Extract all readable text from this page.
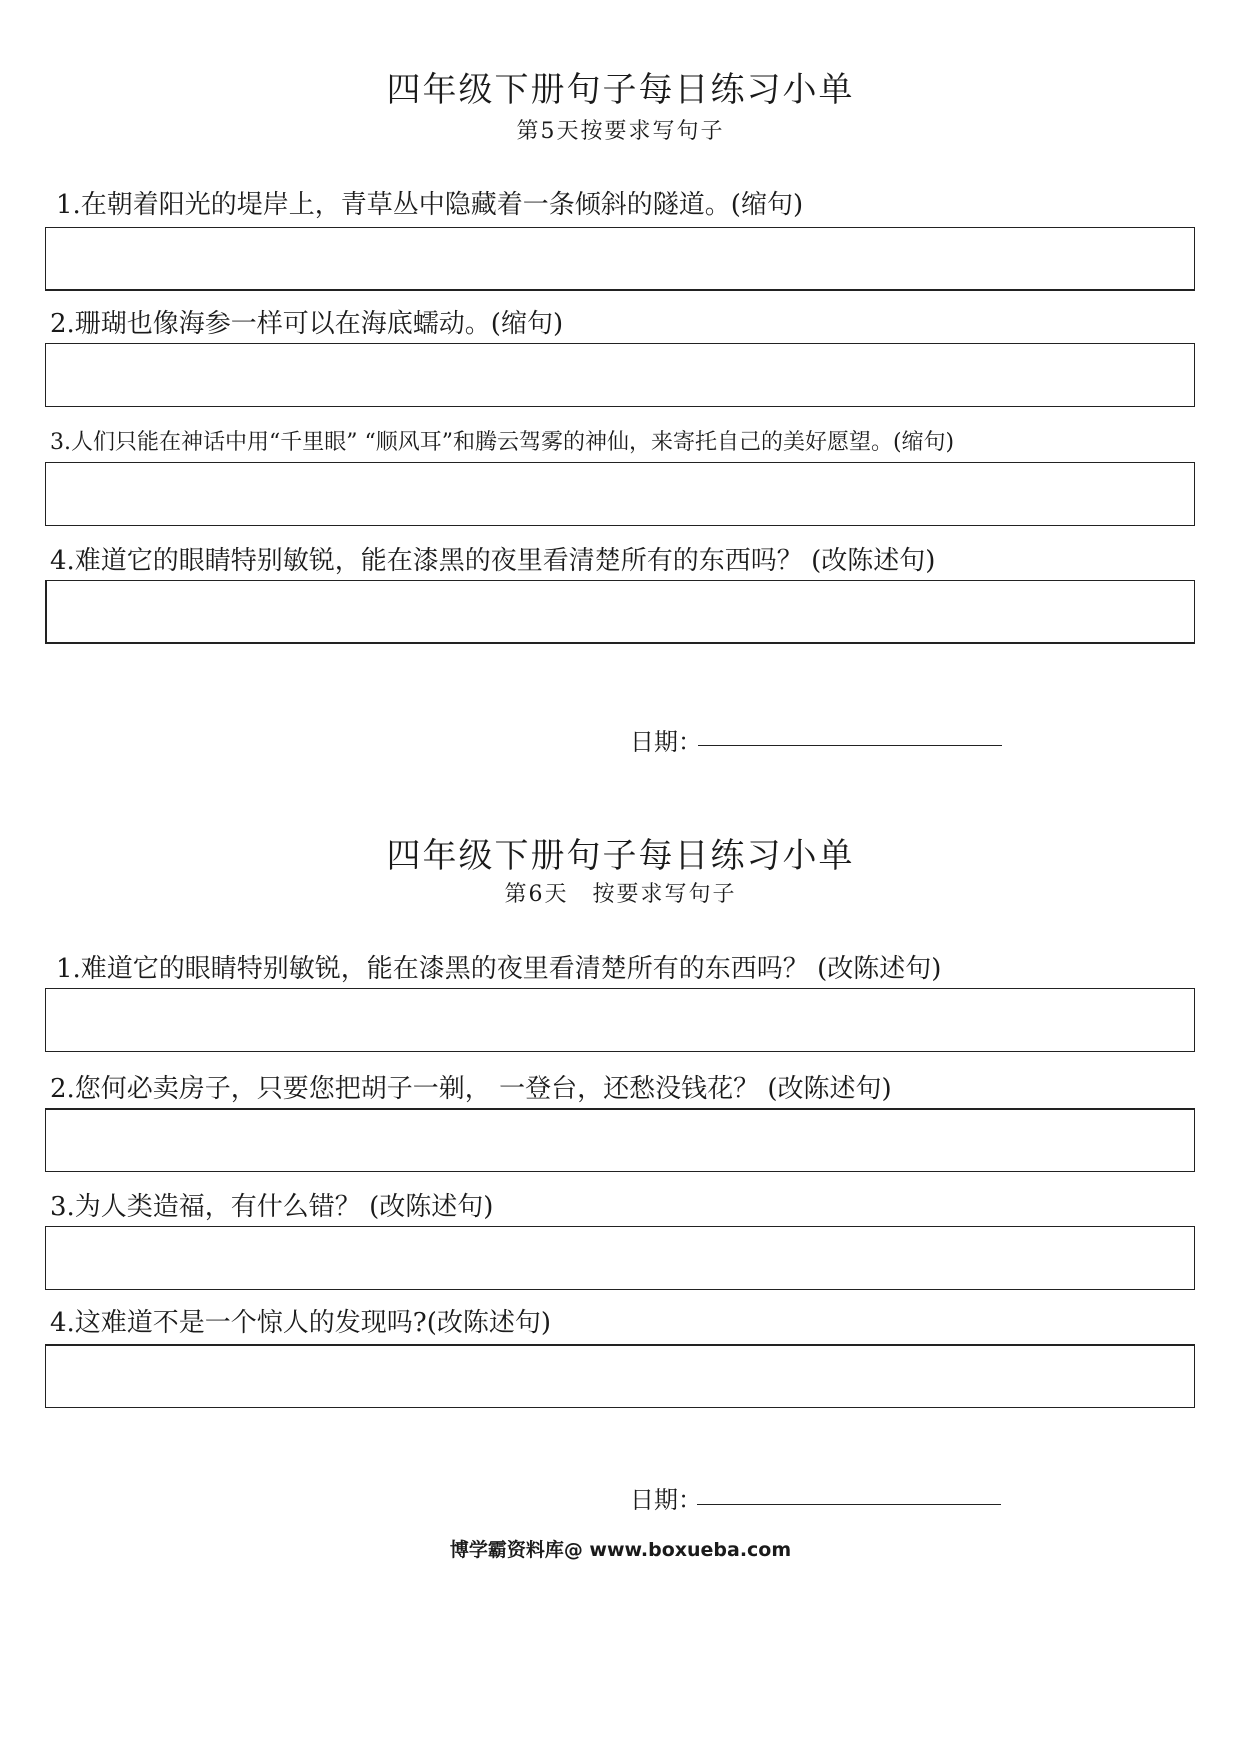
四年级下册句子每日练习小单
第5天按要求写句子
1.在朝着阳光的堤岸上，青草丛中隐藏着一条倾斜的隧道。(缩句)
2.珊瑚也像海参一样可以在海底蠕动。(缩句)
3.人们只能在神话中用“千里眼” “顺风耳”和腾云驾雾的神仙，来寄托自己的美好愿望。(缩句)
4.难道它的眼睛特别敏锐，能在漆黑的夜里看清楚所有的东西吗？ (改陈述句)
日期：
四年级下册句子每日练习小单
第6天　按要求写句子
1.难道它的眼睛特别敏锐，能在漆黑的夜里看清楚所有的东西吗？ (改陈述句)
2.您何必卖房子，只要您把胡子一剃， 一登台，还愁没钱花？ (改陈述句)
3.为人类造福，有什么错？ (改陈述句)
4.这难道不是一个惊人的发现吗?(改陈述句)
日期：
博学霸资料库@ www.boxueba.com
